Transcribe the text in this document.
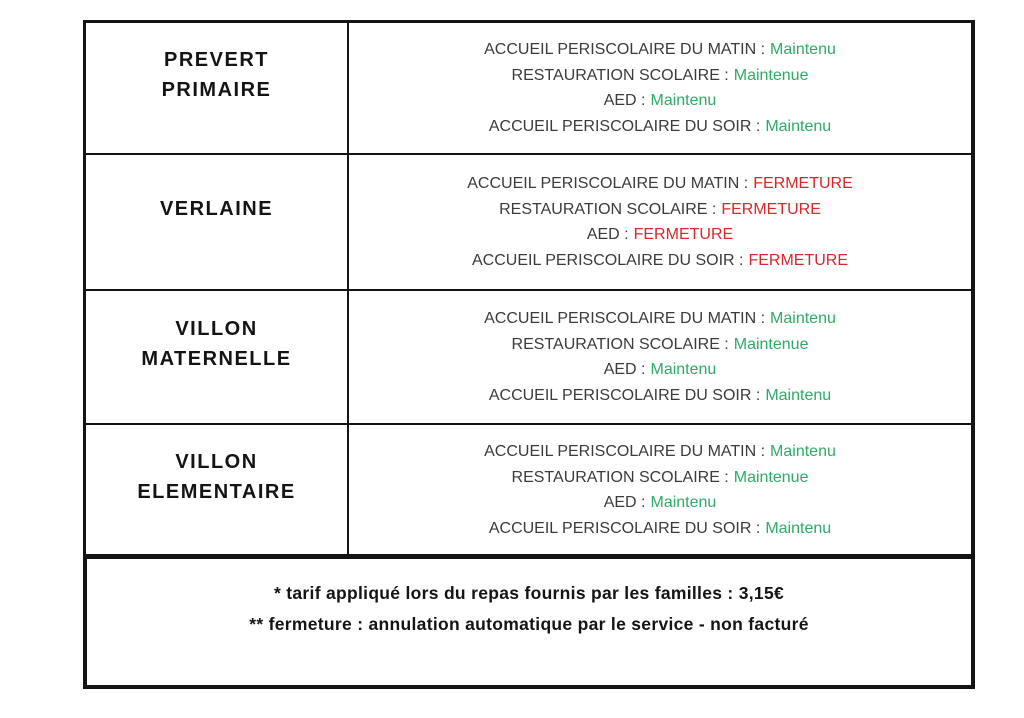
PREVERT
PRIMAIRE
ACCUEIL PERISCOLAIRE DU MATIN : Maintenu
RESTAURATION SCOLAIRE : Maintenue
AED : Maintenu
ACCUEIL PERISCOLAIRE DU SOIR : Maintenu
VERLAINE
ACCUEIL PERISCOLAIRE DU MATIN : FERMETURE
RESTAURATION SCOLAIRE : FERMETURE
AED : FERMETURE
ACCUEIL PERISCOLAIRE DU SOIR : FERMETURE
VILLON
MATERNELLE
ACCUEIL PERISCOLAIRE DU MATIN : Maintenu
RESTAURATION SCOLAIRE : Maintenue
AED : Maintenu
ACCUEIL PERISCOLAIRE DU SOIR : Maintenu
VILLON
ELEMENTAIRE
ACCUEIL PERISCOLAIRE DU MATIN : Maintenu
RESTAURATION SCOLAIRE : Maintenue
AED : Maintenu
ACCUEIL PERISCOLAIRE DU SOIR : Maintenu
* tarif appliqué lors du repas fournis par les familles : 3,15€
** fermeture : annulation automatique par le service - non facturé
